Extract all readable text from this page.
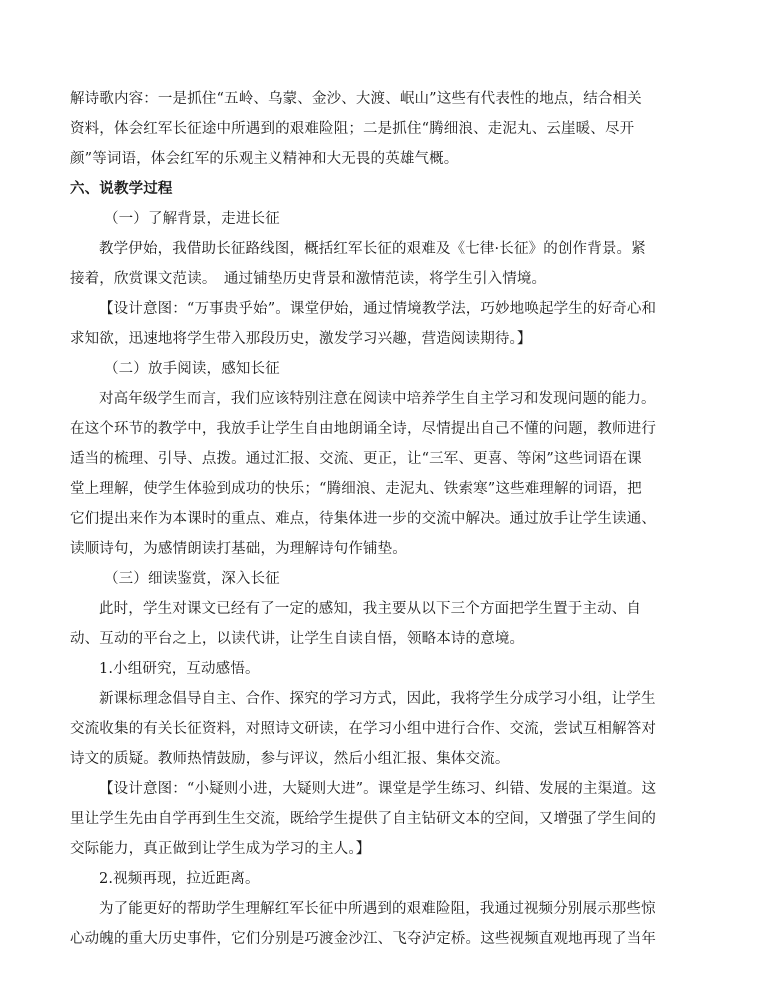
解诗歌内容：一是抓住“五岭、乌蒙、金沙、大渡、岷山”这些有代表性的地点，结合相关
资料，体会红军长征途中所遇到的艰难险阻；二是抓住“腾细浪、走泥丸、云崖暖、尽开
颜”等词语，体会红军的乐观主义精神和大无畏的英雄气概。
六、说教学过程
（一）了解背景，走进长征
教学伊始，我借助长征路线图，概括红军长征的艰难及《七律·长征》的创作背景。紧
接着，欣赏课文范读。　通过铺垫历史背景和激情范读，将学生引入情境。
【设计意图：“万事贵乎始”。课堂伊始，通过情境教学法，巧妙地唤起学生的好奇心和
求知欲，迅速地将学生带入那段历史，激发学习兴趣，营造阅读期待。】
（二）放手阅读，感知长征
对高年级学生而言，我们应该特别注意在阅读中培养学生自主学习和发现问题的能力。
在这个环节的教学中，我放手让学生自由地朗诵全诗，尽情提出自己不懂的问题，教师进行
适当的梳理、引导、点拨。通过汇报、交流、更正，让“三军、更喜、等闲”这些词语在课
堂上理解，使学生体验到成功的快乐；“腾细浪、走泥丸、铁索寒”这些难理解的词语，把
它们提出来作为本课时的重点、难点，待集体进一步的交流中解决。通过放手让学生读通、
读顺诗句，为感情朗读打基础，为理解诗句作铺垫。
（三）细读鉴赏，深入长征
此时，学生对课文已经有了一定的感知，我主要从以下三个方面把学生置于主动、自
动、互动的平台之上，以读代讲，让学生自读自悟，领略本诗的意境。
1.小组研究，互动感悟。
新课标理念倡导自主、合作、探究的学习方式，因此，我将学生分成学习小组，让学生
交流收集的有关长征资料，对照诗文研读，在学习小组中进行合作、交流，尝试互相解答对
诗文的质疑。教师热情鼓励，参与评议，然后小组汇报、集体交流。
【设计意图：“小疑则小进，大疑则大进”。课堂是学生练习、纠错、发展的主渠道。这
里让学生先由自学再到生生交流，既给学生提供了自主钻研文本的空间，又增强了学生间的
交际能力，真正做到让学生成为学习的主人。】
2.视频再现，拉近距离。
为了能更好的帮助学生理解红军长征中所遇到的艰难险阻，我通过视频分别展示那些惊
心动魄的重大历史事件，它们分别是巧渡金沙江、飞夺泸定桥。这些视频直观地再现了当年
